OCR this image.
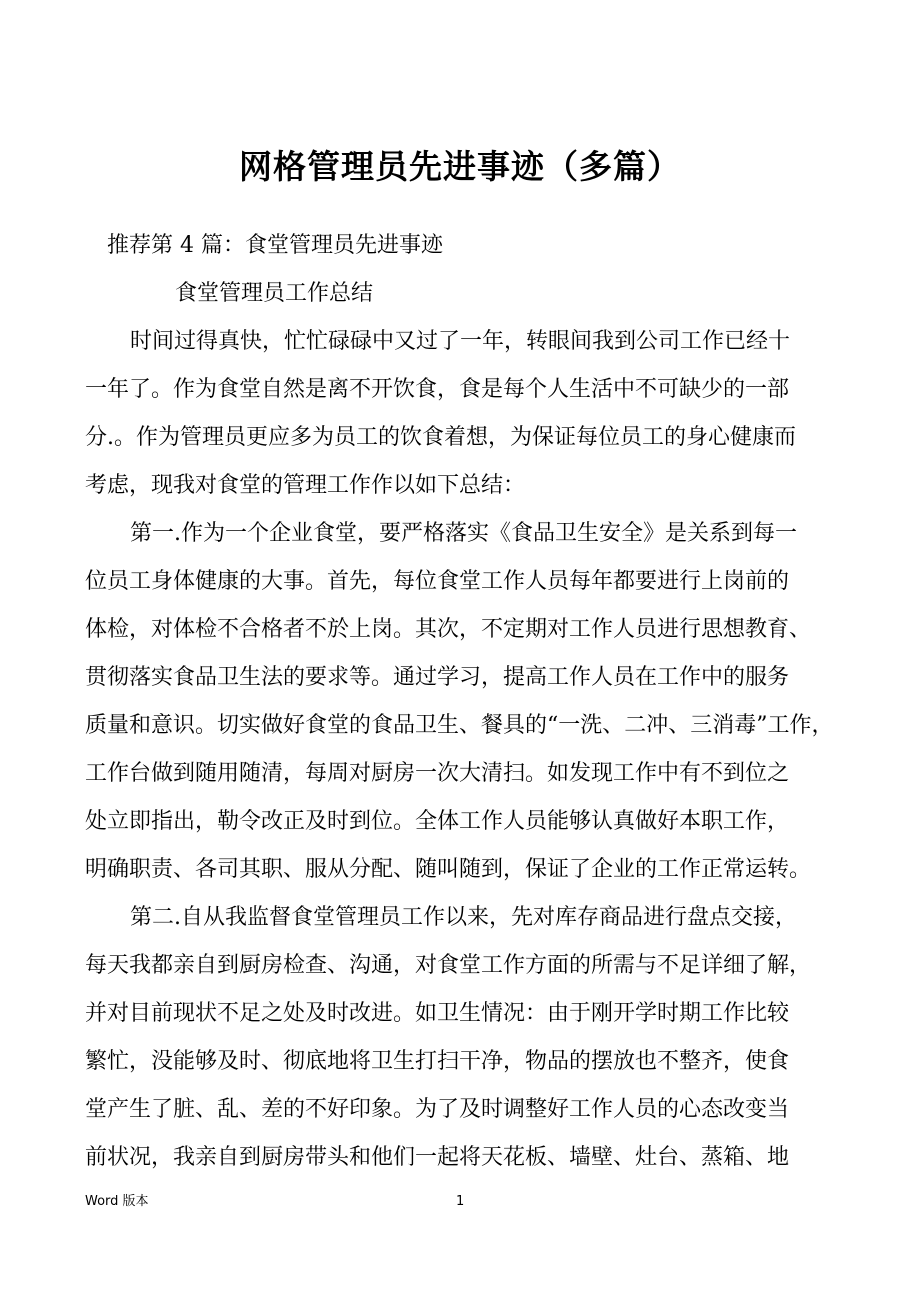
网格管理员先进事迹（多篇）

推荐第 4 篇：食堂管理员先进事迹

食堂管理员工作总结

时间过得真快，忙忙碌碌中又过了一年，转眼间我到公司工作已经十

一年了。作为食堂自然是离不开饮食，食是每个人生活中不可缺少的一部

分.。作为管理员更应多为员工的饮食着想，为保证每位员工的身心健康而

考虑，现我对食堂的管理工作作以如下总结：

第一.作为一个企业食堂，要严格落实《食品卫生安全》是关系到每一

位员工身体健康的大事。首先，每位食堂工作人员每年都要进行上岗前的

体检，对体检不合格者不於上岗。其次，不定期对工作人员进行思想教育、

贯彻落实食品卫生法的要求等。通过学习，提高工作人员在工作中的服务

质量和意识。切实做好食堂的食品卫生、餐具的“一洗、二冲、三消毒”工作，

工作台做到随用随清，每周对厨房一次大清扫。如发现工作中有不到位之

处立即指出，勒令改正及时到位。全体工作人员能够认真做好本职工作，

明确职责、各司其职、服从分配、随叫随到，保证了企业的工作正常运转。

第二.自从我监督食堂管理员工作以来，先对库存商品进行盘点交接，

每天我都亲自到厨房检查、沟通，对食堂工作方面的所需与不足详细了解，

并对目前现状不足之处及时改进。如卫生情况：由于刚开学时期工作比较

繁忙，没能够及时、彻底地将卫生打扫干净，物品的摆放也不整齐，使食

堂产生了脏、乱、差的不好印象。为了及时调整好工作人员的心态改变当

前状况，我亲自到厨房带头和他们一起将天花板、墙壁、灶台、蒸箱、地

Word 版本	1
